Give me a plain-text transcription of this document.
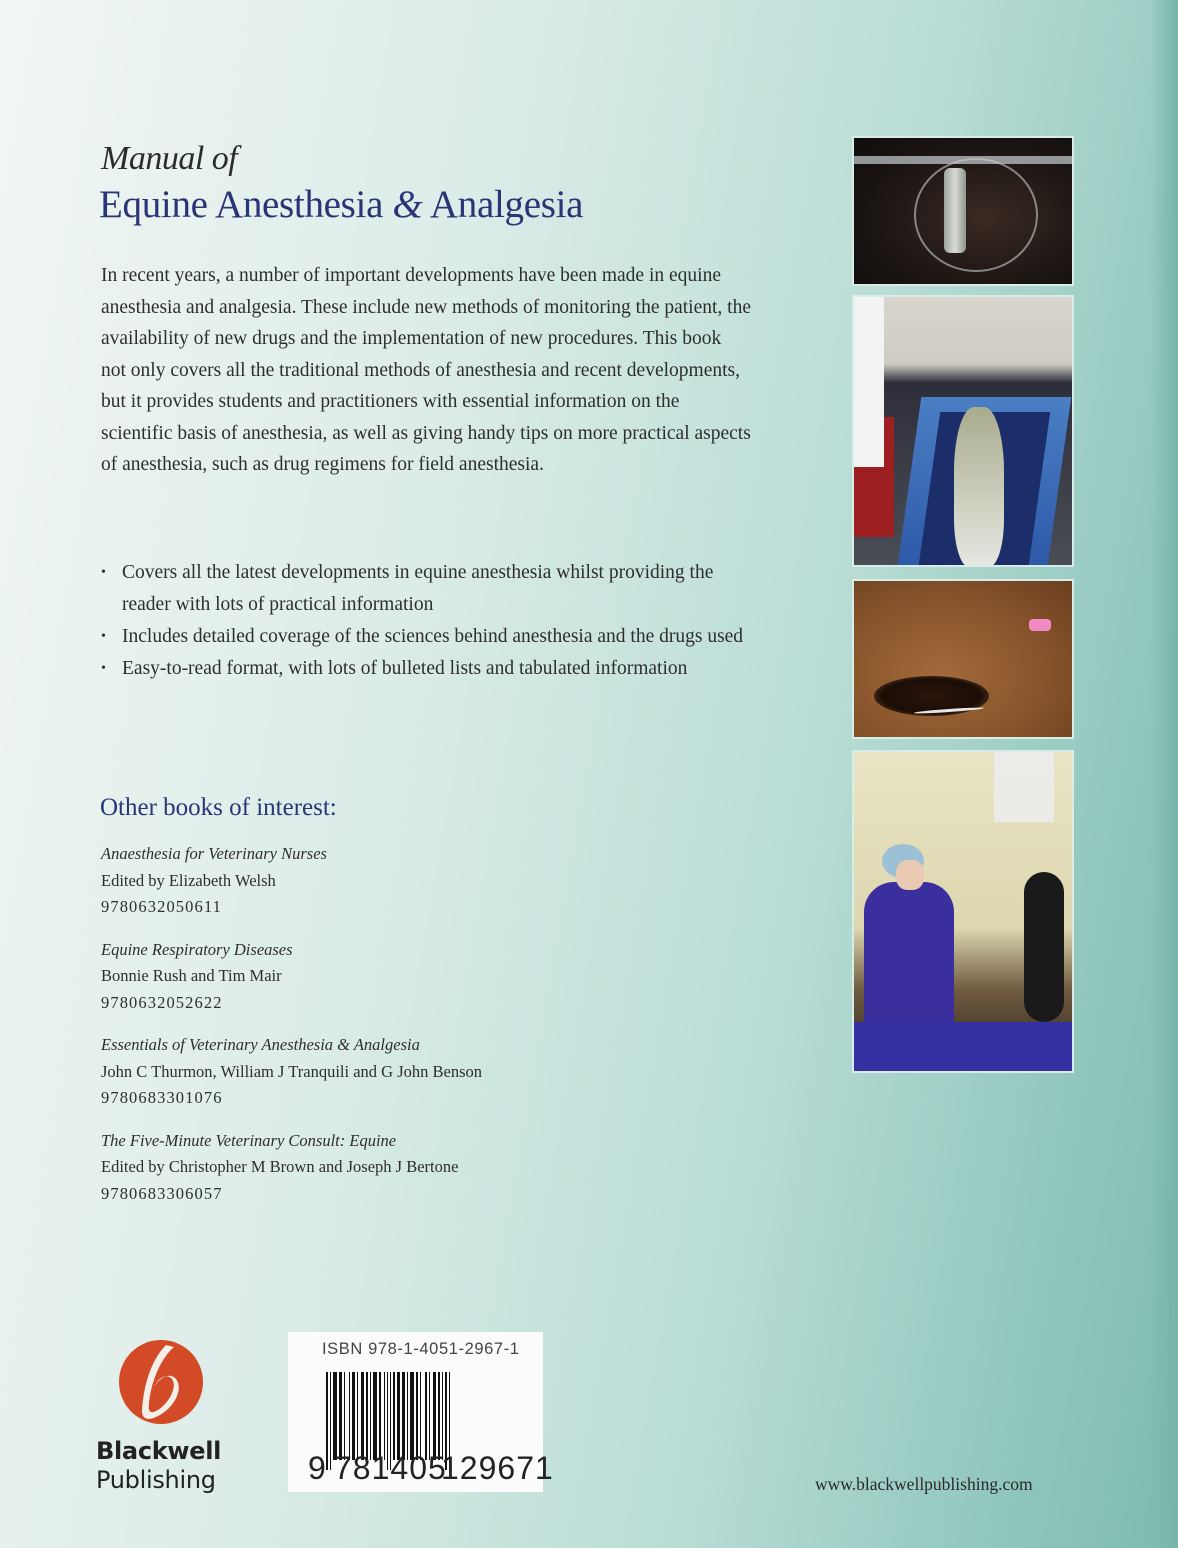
Manual of
Equine Anesthesia & Analgesia

In recent years, a number of important developments have been made in equine anesthesia and analgesia. These include new methods of monitoring the patient, the availability of new drugs and the implementation of new procedures. This book not only covers all the traditional methods of anesthesia and recent developments, but it provides students and practitioners with essential information on the scientific basis of anesthesia, as well as giving handy tips on more practical aspects of anesthesia, such as drug regimens for field anesthesia.

• Covers all the latest developments in equine anesthesia whilst providing the reader with lots of practical information
• Includes detailed coverage of the sciences behind anesthesia and the drugs used
• Easy-to-read format, with lots of bulleted lists and tabulated information
Other books of interest:
Anaesthesia for Veterinary Nurses
Edited by Elizabeth Welsh
9780632050611
Equine Respiratory Diseases
Bonnie Rush and Tim Mair
9780632052622
Essentials of Veterinary Anesthesia & Analgesia
John C Thurmon, William J Tranquili and G John Benson
9780683301076
The Five-Minute Veterinary Consult: Equine
Edited by Christopher M Brown and Joseph J Bertone
9780683306057
Blackwell
Publishing
ISBN 978-1-4051-2967-1
9 781405
129671	www.blackwellpublishing.com
